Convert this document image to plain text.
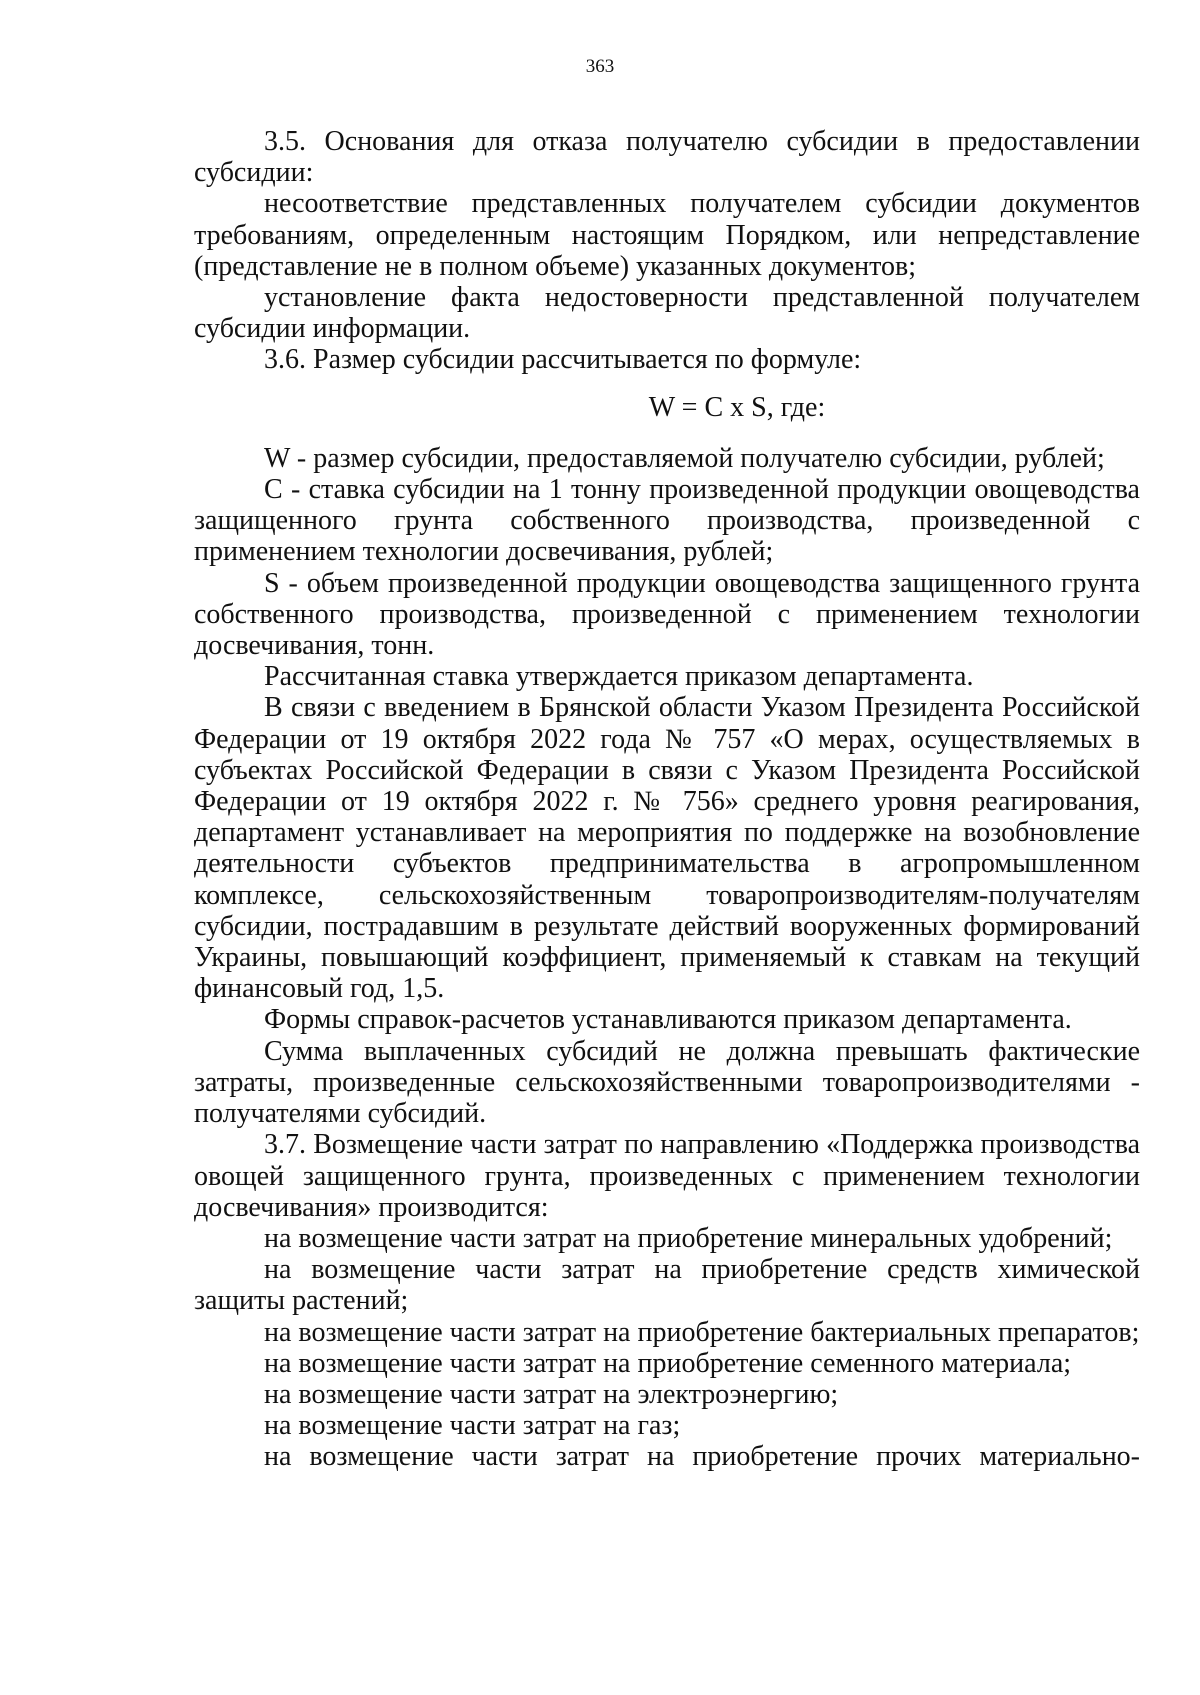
363

3.5. Основания для отказа получателю субсидии в предоставлении субсидии:

несоответствие представленных получателем субсидии документов требованиям, определенным настоящим Порядком, или непредставление (представление не в полном объеме) указанных документов;

установление факта недостоверности представленной получателем субсидии информации.

3.6. Размер субсидии рассчитывается по формуле:

W = C x S, где:

W - размер субсидии, предоставляемой получателю субсидии, рублей;

С - ставка субсидии на 1 тонну произведенной продукции овощеводства защищенного грунта собственного производства, произведенной с применением технологии досвечивания, рублей;

S - объем произведенной продукции овощеводства защищенного грунта собственного производства, произведенной с применением технологии досвечивания, тонн.

Рассчитанная ставка утверждается приказом департамента.

В связи с введением в Брянской области Указом Президента Российской Федерации от 19 октября 2022 года № 757 «О мерах, осуществляемых в субъектах Российской Федерации в связи с Указом Президента Российской Федерации от 19 октября 2022 г. № 756» среднего уровня реагирования, департамент устанавливает на мероприятия по поддержке на возобновление деятельности субъектов предпринимательства в агропромышленном комплексе, сельскохозяйственным товаропроизводителям-получателям субсидии, пострадавшим в результате действий вооруженных формирований Украины, повышающий коэффициент, применяемый к ставкам на текущий финансовый год, 1,5.

Формы справок-расчетов устанавливаются приказом департамента.

Сумма выплаченных субсидий не должна превышать фактические затраты, произведенные сельскохозяйственными товаропроизводителями - получателями субсидий.

3.7. Возмещение части затрат по направлению «Поддержка производства овощей защищенного грунта, произведенных с применением технологии досвечивания» производится:

на возмещение части затрат на приобретение минеральных удобрений;

на возмещение части затрат на приобретение средств химической защиты растений;

на возмещение части затрат на приобретение бактериальных препаратов;

на возмещение части затрат на приобретение семенного материала;

на возмещение части затрат на электроэнергию;

на возмещение части затрат на газ;

на возмещение части затрат на приобретение прочих материально-
